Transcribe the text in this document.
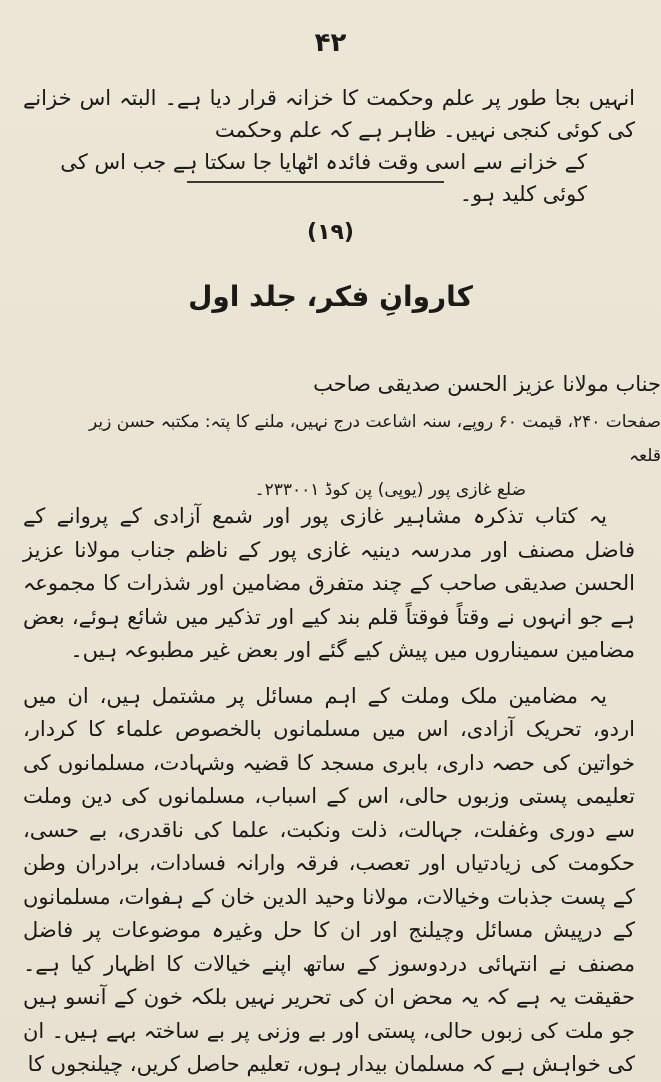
۴۲

انہیں بجا طور پر علم وحکمت کا خزانہ قرار دیا ہے۔ البتہ اس خزانے کی کوئی کنجی نہیں۔ ظاہر ہے کہ علم وحکمت

کے خزانے سے اسی وقت فائدہ اٹھایا جا سکتا ہے جب اس کی کوئی کلید ہو۔

(۱۹)
کاروانِ فکر، جلد اول
جناب مولانا عزیز الحسن صدیقی صاحب
صفحات ۲۴۰، قیمت ۶۰ روپے، سنہ اشاعت درج نہیں، ملنے کا پتہ: مکتبہ حسن زیر قلعہ
ضلع غازی پور (یوپی) پن کوڈ ۲۳۳۰۰۱۔

یہ کتاب تذکرہ مشاہیر غازی پور اور شمع آزادی کے پروانے کے فاضل مصنف اور مدرسہ دینیہ غازی پور کے ناظم جناب مولانا عزیز الحسن صدیقی صاحب کے چند متفرق مضامین اور شذرات کا مجموعہ ہے جو انہوں نے وقتاً فوقتاً قلم بند کیے اور تذکیر میں شائع ہوئے، بعض مضامین سمیناروں میں پیش کیے گئے اور بعض غیر مطبوعہ ہیں۔

یہ مضامین ملک وملت کے اہم مسائل پر مشتمل ہیں، ان میں اردو، تحریک آزادی، اس میں مسلمانوں بالخصوص علماء کا کردار، خواتین کی حصہ داری، بابری مسجد کا قضیہ وشہادت، مسلمانوں کی تعلیمی پستی وزبوں حالی، اس کے اسباب، مسلمانوں کی دین وملت سے دوری وغفلت، جہالت، ذلت ونکبت، علما کی ناقدری، بے حسی، حکومت کی زیادتیاں اور تعصب، فرقہ وارانہ فسادات، برادران وطن کے پست جذبات وخیالات، مولانا وحید الدین خان کے ہفوات، مسلمانوں کے درپیش مسائل وچیلنج اور ان کا حل وغیرہ موضوعات پر فاضل مصنف نے انتہائی دردوسوز کے ساتھ اپنے خیالات کا اظہار کیا ہے۔ حقیقت یہ ہے کہ یہ محض ان کی تحریر نہیں بلکہ خون کے آنسو ہیں جو ملت کی زبوں حالی، پستی اور بے وزنی پر بے ساختہ بہے ہیں۔ ان کی خواہش ہے کہ مسلمان بیدار ہوں، تعلیم حاصل کریں، چیلنجوں کا
